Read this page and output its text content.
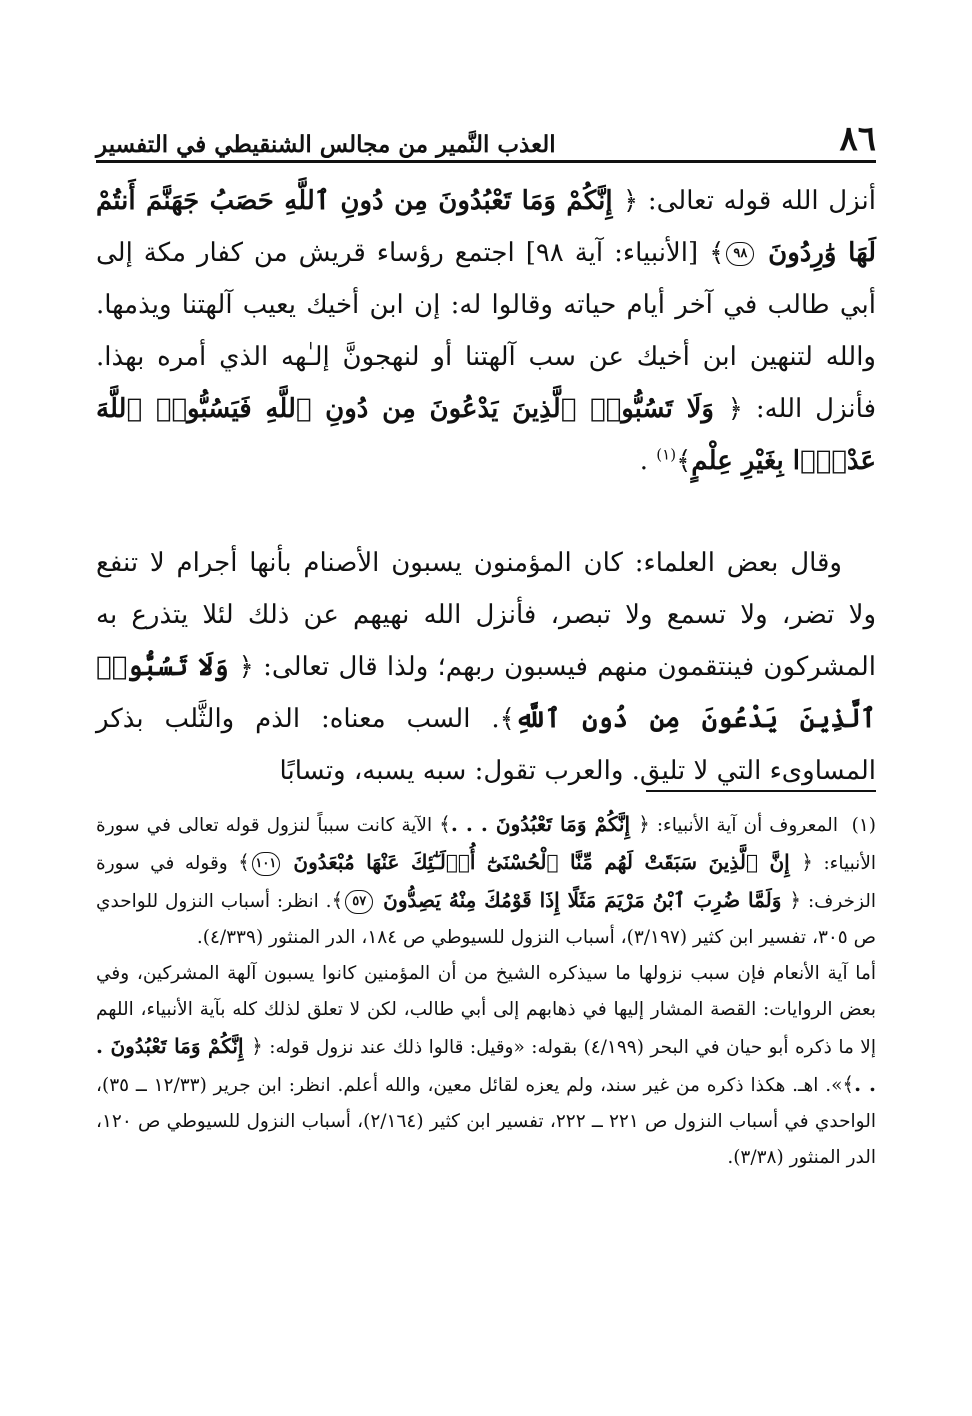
٨٦
العذب النَّمير من مجالس الشنقيطي في التفسير

أنزل الله قوله تعالى: ﴿ إِنَّكُمْ وَمَا تَعْبُدُونَ مِن دُونِ ٱللَّهِ حَصَبُ جَهَنَّمَ أَنتُمْ لَهَا وَٰرِدُونَ ٩٨﴾ [الأنبياء: آية ٩٨] اجتمع رؤساء قريش من كفار مكة إلى أبي طالب في آخر أيام حياته وقالوا له: إن ابن أخيك يعيب آلهتنا ويذمها. والله لتنهين ابن أخيك عن سب آلهتنا أو لنهجونَّ إلـٰهه الذي أمره بهذا. فأنزل الله: ﴿ وَلَا تَسُبُّوا۟ ٱلَّذِينَ يَدْعُونَ مِن دُونِ ٱللَّهِ فَيَسُبُّوا۟ ٱللَّهَ عَدْوًۢا بِغَيْرِ عِلْمٍ﴾$^{(١)}$ .

وقال بعض العلماء: كان المؤمنون يسبون الأصنام بأنها أجرام لا تنفع ولا تضر، ولا تسمع ولا تبصر، فأنزل الله نهيهم عن ذلك لئلا يتذرع به المشركون فينتقمون منهم فيسبون ربهم؛ ولذا قال تعالى: ﴿ وَلَا تَسُبُّوا۟ ٱلَّذِينَ يَدْعُونَ مِن دُونِ ٱللَّهِ﴾. السب معناه: الذم والثَّلب بذكر المساوىء التي لا تليق. والعرب تقول: سبه يسبه، وتسابًا

(١)المعروف أن آية الأنبياء: ﴿ إِنَّكُمْ وَمَا تَعْبُدُونَ . . .﴾ الآية كانت سبباً لنزول قوله تعالى في سورة الأنبياء: ﴿ إِنَّ ٱلَّذِينَ سَبَقَتْ لَهُم مِّنَّا ٱلْحُسْنَىٰٓ أُو۟لَـٰٓئِكَ عَنْهَا مُبْعَدُونَ ١٠١﴾ وقوله في سورة الزخرف: ﴿ وَلَمَّا ضُرِبَ ٱبْنُ مَرْيَمَ مَثَلًا إِذَا قَوْمُكَ مِنْهُ يَصِدُّونَ ٥٧﴾. انظر: أسباب النزول للواحدي ص ٣٠٥، تفسير ابن كثير (٣/١٩٧)، أسباب النزول للسيوطي ص ١٨٤، الدر المنثور (٤/٣٣٩).

أما آية الأنعام فإن سبب نزولها ما سيذكره الشيخ من أن المؤمنين كانوا يسبون آلهة المشركين، وفي بعض الروايات: القصة المشار إليها في ذهابهم إلى أبي طالب، لكن لا تعلق لذلك كله بآية الأنبياء، اللهم إلا ما ذكره أبو حيان في البحر (٤/١٩٩) بقوله: «وقيل: قالوا ذلك عند نزول قوله: ﴿ إِنَّكُمْ وَمَا تَعْبُدُونَ . . .﴾». اهـ. هكذا ذكره من غير سند، ولم يعزه لقائل معين، والله أعلم. انظر: ابن جرير (١٢/٣٣ ــ ٣٥)، الواحدي في أسباب النزول ص ٢٢١ ــ ٢٢٢، تفسير ابن كثير (٢/١٦٤)، أسباب النزول للسيوطي ص ١٢٠، الدر المنثور (٣/٣٨).
